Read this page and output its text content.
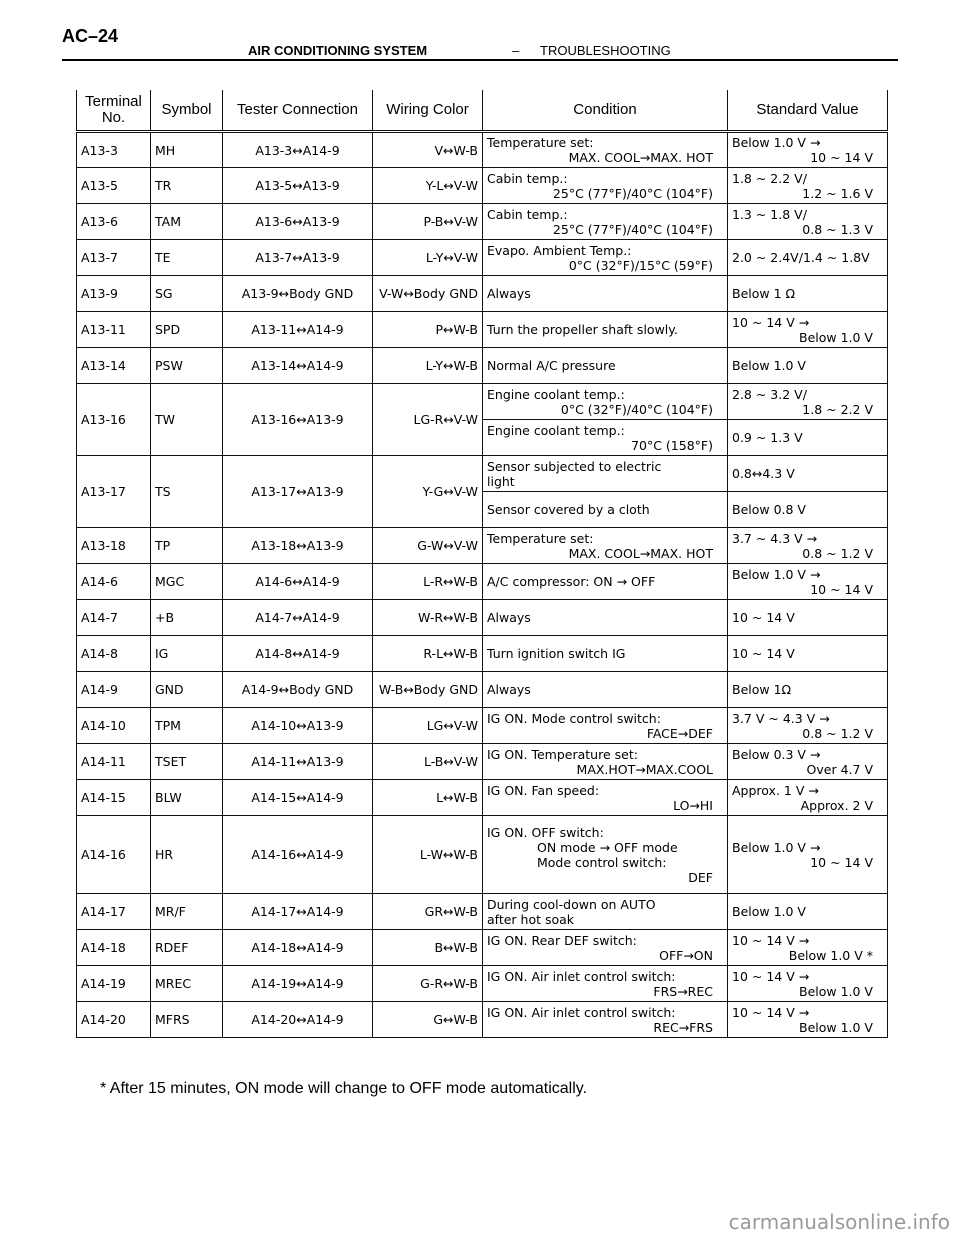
AC–24
AIR CONDITIONING SYSTEM	– TROUBLESHOOTING
Terminal No.	Symbol	Tester Connection	Wiring Color	Condition	Standard Value
A13-3	MH	A13-3↔A14-9	V↔W-B	Temperature set:
MAX. COOL→MAX. HOT	Below 1.0 V →
10 ~ 14 V

A13-5	TR	A13-5↔A13-9	Y-L↔V-W	Cabin temp.:
25°C (77°F)/40°C (104°F)	1.8 ~ 2.2 V/
1.2 ~ 1.6 V

A13-6	TAM	A13-6↔A13-9	P-B↔V-W	Cabin temp.:
25°C (77°F)/40°C (104°F)	1.3 ~ 1.8 V/
0.8 ~ 1.3 V

A13-7	TE	A13-7↔A13-9	L-Y↔V-W	Evapo. Ambient Temp.:
0°C (32°F)/15°C (59°F)	2.0 ~ 2.4V/1.4 ~ 1.8V

A13-9	SG	A13-9↔Body GND	V-W↔Body GND	Always	Below 1 Ω

A13-11	SPD	A13-11↔A14-9	P↔W-B	Turn the propeller shaft slowly.	10 ~ 14 V →
Below 1.0 V

A13-14	PSW	A13-14↔A14-9	L-Y↔W-B	Normal A/C pressure	Below 1.0 V

A13-16	TW	A13-16↔A13-9	LG-R↔V-W	Engine coolant temp.:
0°C (32°F)/40°C (104°F)	2.8 ~ 3.2 V/
1.8 ~ 2.2 V

				Engine coolant temp.:
70°C (158°F)	0.9 ~ 1.3 V

A13-17	TS	A13-17↔A13-9	Y-G↔V-W	Sensor subjected to electric
light	0.8↔4.3 V

				Sensor covered by a cloth	Below 0.8 V

A13-18	TP	A13-18↔A13-9	G-W↔V-W	Temperature set:
MAX. COOL→MAX. HOT	3.7 ~ 4.3 V →
0.8 ~ 1.2 V

A14-6	MGC	A14-6↔A14-9	L-R↔W-B	A/C compressor: ON → OFF	Below 1.0 V →
10 ~ 14 V

A14-7	+B	A14-7↔A14-9	W-R↔W-B	Always	10 ~ 14 V

A14-8	IG	A14-8↔A14-9	R-L↔W-B	Turn ignition switch IG	10 ~ 14 V

A14-9	GND	A14-9↔Body GND	W-B↔Body GND	Always	Below 1Ω

A14-10	TPM	A14-10↔A13-9	LG↔V-W	IG ON. Mode control switch:
FACE→DEF	3.7 V ~ 4.3 V →
0.8 ~ 1.2 V

A14-11	TSET	A14-11↔A13-9	L-B↔V-W	IG ON. Temperature set:
MAX.HOT→MAX.COOL	Below 0.3 V →
Over 4.7 V

A14-15	BLW	A14-15↔A14-9	L↔W-B	IG ON. Fan speed:
LO→HI	Approx. 1 V →
Approx. 2 V

A14-16	HR	A14-16↔A14-9	L-W↔W-B	IG ON. OFF switch:
ON mode → OFF mode
Mode control switch:
DEF	Below 1.0 V →
10 ~ 14 V

A14-17	MR/F	A14-17↔A14-9	GR↔W-B	During cool-down on AUTO
after hot soak	Below 1.0 V

A14-18	RDEF	A14-18↔A14-9	B↔W-B	IG ON. Rear DEF switch:
OFF→ON	10 ~ 14 V →
Below 1.0 V *

A14-19	MREC	A14-19↔A14-9	G-R↔W-B	IG ON. Air inlet control switch:
FRS→REC	10 ~ 14 V →
Below 1.0 V

A14-20	MFRS	A14-20↔A14-9	G↔W-B	IG ON. Air inlet control switch:
REC→FRS	10 ~ 14 V →
Below 1.0 V
* After 15 minutes, ON mode will change to OFF mode automatically.
carmanualsonline.info
